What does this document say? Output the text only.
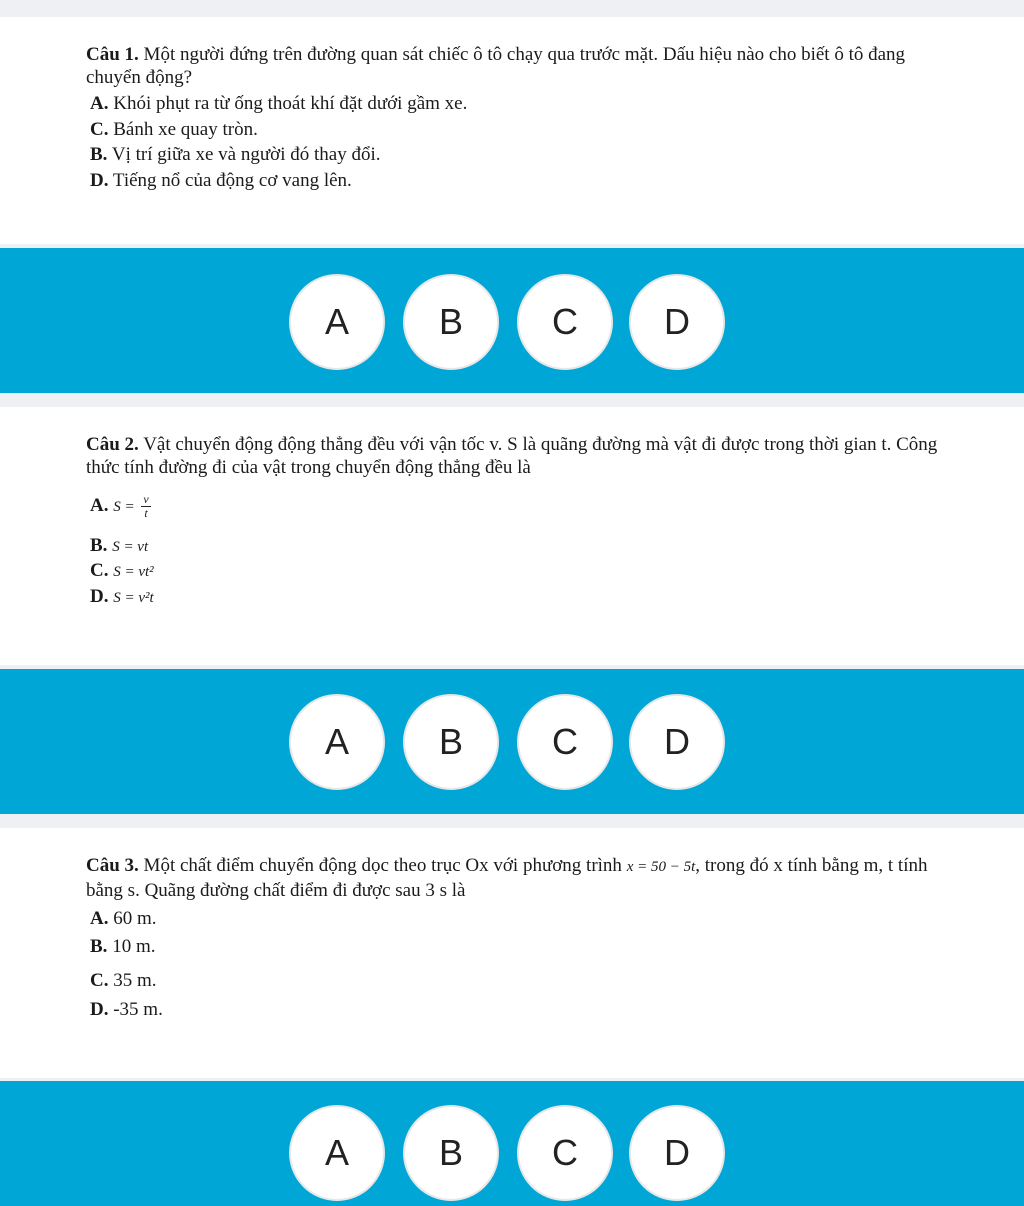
Câu 1. Một người đứng trên đường quan sát chiếc ô tô chạy qua trước mặt. Dấu hiệu nào cho biết ô tô đang chuyển động?

A. Khói phụt ra từ ống thoát khí đặt dưới gầm xe.
C. Bánh xe quay tròn.
B. Vị trí giữa xe và người đó thay đổi.
D. Tiếng nổ của động cơ vang lên.
A	B	C	D

Câu 2. Vật chuyển động động thẳng đều với vận tốc v. S là quãng đường mà vật đi được trong thời gian t. Công thức tính đường đi của vật trong chuyển động thẳng đều là

A. $S = \frac{v}{t}$
B. S = vt
C. S = vt²
D. S = v²t
A	B	C	D

Câu 3. Một chất điểm chuyển động dọc theo trục Ox với phương trình x = 50 − 5t, trong đó x tính bằng m, t tính bằng s. Quãng đường chất điểm đi được sau 3 s là

A. 60 m.
B. 10 m.
C. 35 m.
D. -35 m.
A	B	C	D
